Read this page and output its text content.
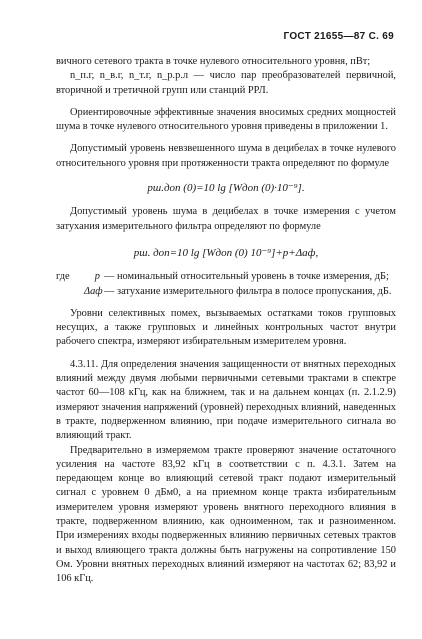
ГОСТ 21655—87 С. 69

вичного сетевого тракта в точке нулевого относительного уровня, пВт;

n_п.г, n_в.г, n_т.г, n_р.р.л — число пар преобразователей первичной, вторичной и третичной групп или станций РРЛ.

Ориентировочные эффективные значения вносимых средних мощностей шума в точке нулевого относительного уровня приведены в приложении 1.

Допустимый уровень невзвешенного шума в децибелах в точке нулевого относительного уровня при протяженности тракта определяют по формуле

pш.доп (0)=10 lg [Wдоп (0)·10⁻⁹].

Допустимый уровень шума в децибелах в точке измерения с учетом затухания измерительного фильтра определяют по формуле

pш. доп=10 lg [Wдоп (0) 10⁻⁹]+p+Δaф,
где	p — номинальный относительный уровень в точке измерения, дБ;
Δaф — затухание измерительного фильтра в полосе пропускания, дБ.

Уровни селективных помех, вызываемых остатками токов групповых несущих, а также групповых и линейных контрольных частот внутри рабочего спектра, измеряют избирательным измерителем уровня.

4.3.11. Для определения значения защищенности от внятных переходных влияний между двумя любыми первичными сетевыми трактами в спектре частот 60—108 кГц, как на ближнем, так и на дальнем концах (п. 2.1.2.9) измеряют значения напряжений (уровней) переходных влияний, наведенных в тракте, подверженном влиянию, при подаче измерительного сигнала во влияющий тракт.

Предварительно в измеряемом тракте проверяют значение остаточного усиления на частоте 83,92 кГц в соответствии с п. 4.3.1. Затем на передающем конце во влияющий сетевой тракт подают измерительный сигнал с уровнем 0 дБм0, а на приемном конце тракта избирательным измерителем уровня измеряют уровень внятного переходного влияния в тракте, подверженном влиянию, как одноименном, так и разноименном. При измерениях входы подверженных влиянию первичных сетевых трактов и выход влияющего тракта должны быть нагружены на сопротивление 150 Ом. Уровни внятных переходных влияний измеряют на частотах 62; 83,92 и 106 кГц.
